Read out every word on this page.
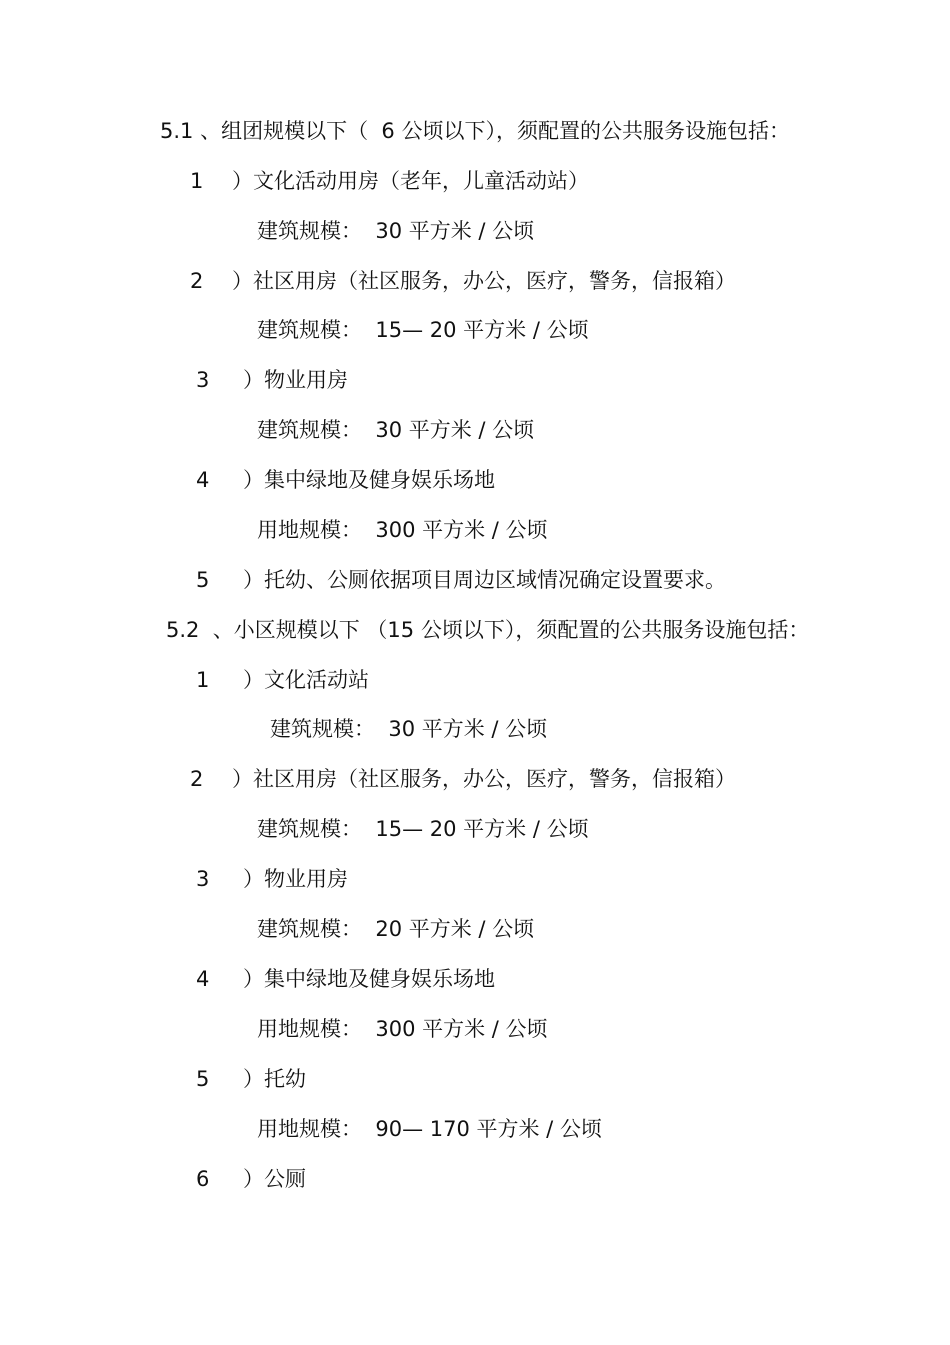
5.1 、组团规模以下（  6 公顷以下），须配置的公共服务设施包括：
1 ）文化活动用房（老年，儿童活动站）
建筑规模：  30 平方米 / 公顷
2 ）社区用房（社区服务，办公，医疗，警务，信报箱）
建筑规模：  15— 20 平方米 / 公顷
3 ）物业用房
建筑规模：  30 平方米 / 公顷
4 ）集中绿地及健身娱乐场地
用地规模：  300 平方米 / 公顷
5 ）托幼、公厕依据项目周边区域情况确定设置要求。
5.2  、小区规模以下 （15 公顷以下），须配置的公共服务设施包括：
1 ）文化活动站
建筑规模：  30 平方米 / 公顷
2 ）社区用房（社区服务，办公，医疗，警务，信报箱）
建筑规模：  15— 20 平方米 / 公顷
3 ）物业用房
建筑规模：  20 平方米 / 公顷
4 ）集中绿地及健身娱乐场地
用地规模：  300 平方米 / 公顷
5 ）托幼
用地规模：  90— 170 平方米 / 公顷
6 ）公厕
